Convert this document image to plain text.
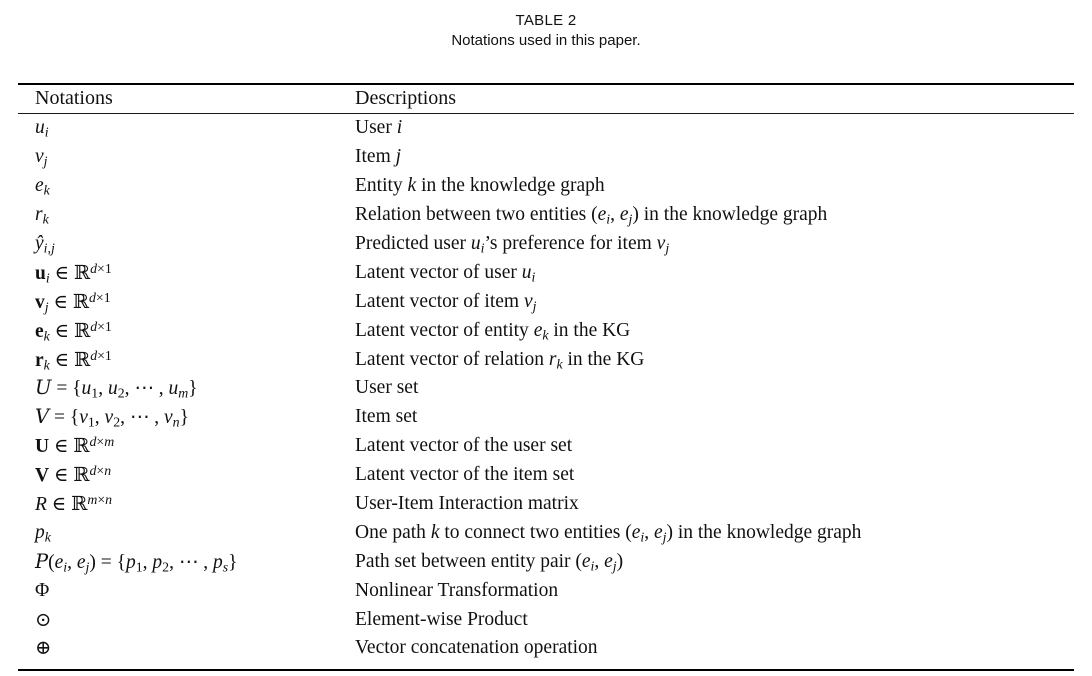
TABLE 2
Notations used in this paper.
Notations	Descriptions
$u_i$	User i
$v_j$	Item j
$e_k$	Entity k in the knowledge graph
$r_k$	Relation between two entities ($e_i$, $e_j$) in the knowledge graph
$ŷ_{i,j}$	Predicted user $u_i’s$ preference for item $v_j$
$u_i$ ∈ ℝ$^{d\times 1}$	Latent vector of user $u_i$
$v_j$ ∈ ℝ$^{d\times 1}$	Latent vector of item $v_j$
$e_k$ ∈ ℝ$^{d\times 1}$	Latent vector of entity $e_k$ in the KG
$r_k$ ∈ ℝ$^{d\times 1}$	Latent vector of relation $r_k$ in the KG
$U = \{u_1$, $u_2$, ⋯ , $u_m$}	User set
$V = \{v_1$, $v_2$, ⋯ , $v_n$}	Item set
U ∈ ℝ$^{d\times m}$	Latent vector of the user set
V ∈ ℝ$^{d\times n}$	Latent vector of the item set
R ∈ ℝ$^{m\times n}$	User-Item Interaction matrix
$p_k$	One path k to connect two entities ($e_i$, $e_j$) in the knowledge graph
$P(e_i$, $e_j) = \{p_1$, $p_2$, ⋯ , $p_s$}	Path set between entity pair ($e_i$, $e_j$)
Φ	Nonlinear Transformation
⊙	Element-wise Product
⊕	Vector concatenation operation
